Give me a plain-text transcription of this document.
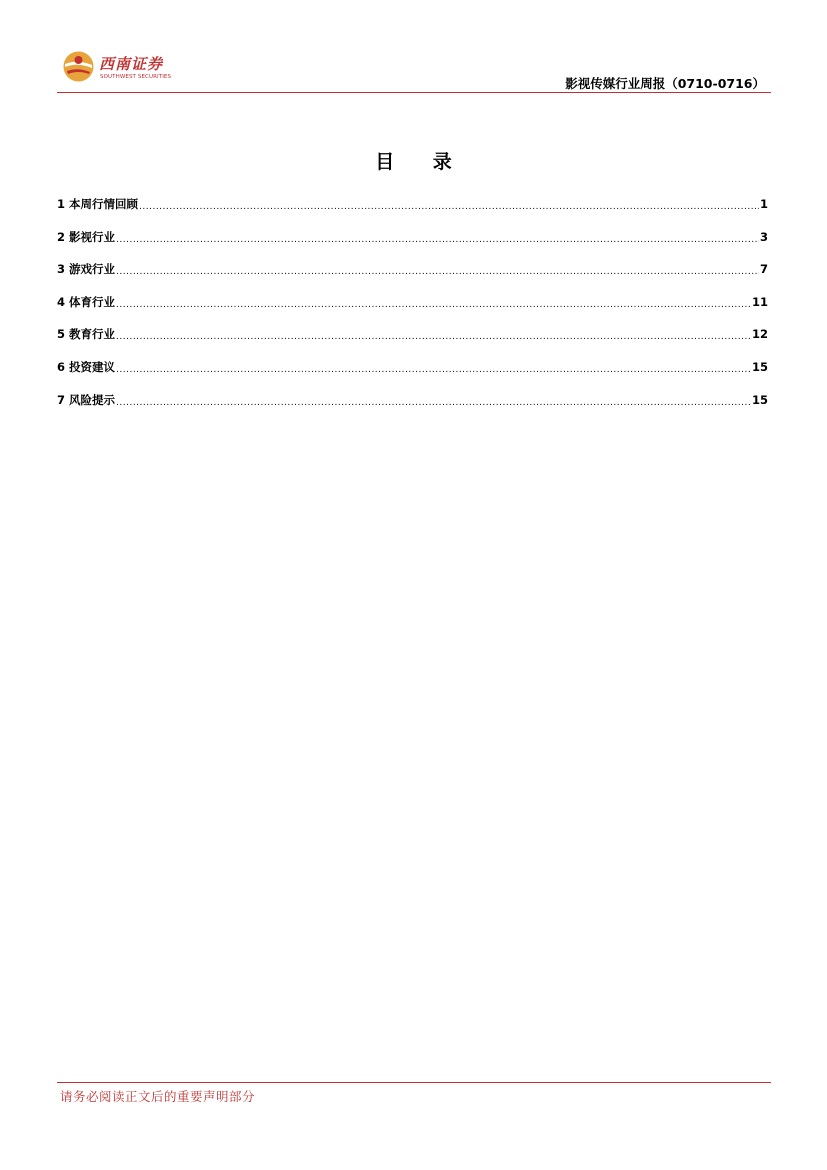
西南证券
SOUTHWEST SECURITIES	影视传媒行业周报（0710-0716）
目 录
1 本周行情回顾 .....	1
2 影视行业 .....	3
3 游戏行业 .....	7
4 体育行业 .....	11
5 教育行业 .....	12
6 投资建议 .....	15
7 风险提示 .....	15
请务必阅读正文后的重要声明部分
